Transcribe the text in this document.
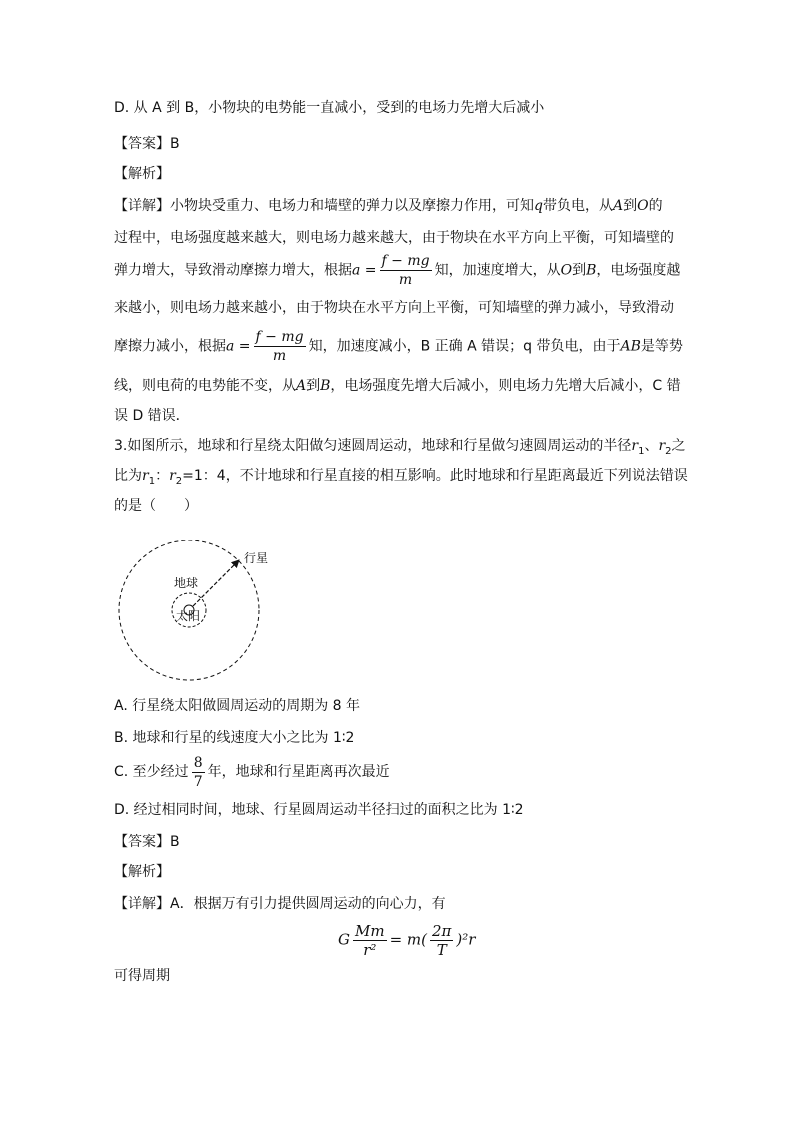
D. 从 A 到 B，小物块的电势能一直减小，受到的电场力先增大后减小
【答案】B
【解析】
【详解】小物块受重力、电场力和墙壁的弹力以及摩擦力作用，可知q带负电，从A到O的
过程中，电场强度越来越大，则电场力越来越大，由于物块在水平方向上平衡，可知墙壁的
弹力增大，导致滑动摩擦力增大，根据$a = \frac{f - mg}{m}$ 知，加速度增大，从O到B，电场强度越
来越小，则电场力越来越小，由于物块在水平方向上平衡，可知墙壁的弹力减小，导致滑动
摩擦力减小，根据$a = \frac{f - mg}{m}$ 知，加速度减小，B 正确 A 错误；q 带负电，由于AB是等势
线，则电荷的电势能不变，从A到B，电场强度先增大后减小，则电场力先增大后减小，C 错
误 D 错误．
3.如图所示，地球和行星绕太阳做匀速圆周运动，地球和行星做匀速圆周运动的半径$r_1$、$r_2$之
比为$r_1$：$r_2=1$：4，不计地球和行星直接的相互影响。此时地球和行星距离最近下列说法错误
的是（　　）
行星
地球
太阳
A. 行星绕太阳做圆周运动的周期为 8 年
B. 地球和行星的线速度大小之比为 1∶2
C. 至少经过 $\frac{8}{7}$ 年，地球和行星距离再次最近
D. 经过相同时间，地球、行星圆周运动半径扫过的面积之比为 1∶2
【答案】B
【解析】
【详解】A．根据万有引力提供圆周运动的向心力，有
G $\frac{Mm}{\text{r²}} = m( \frac{2\pi}{T} )^2r$
可得周期
